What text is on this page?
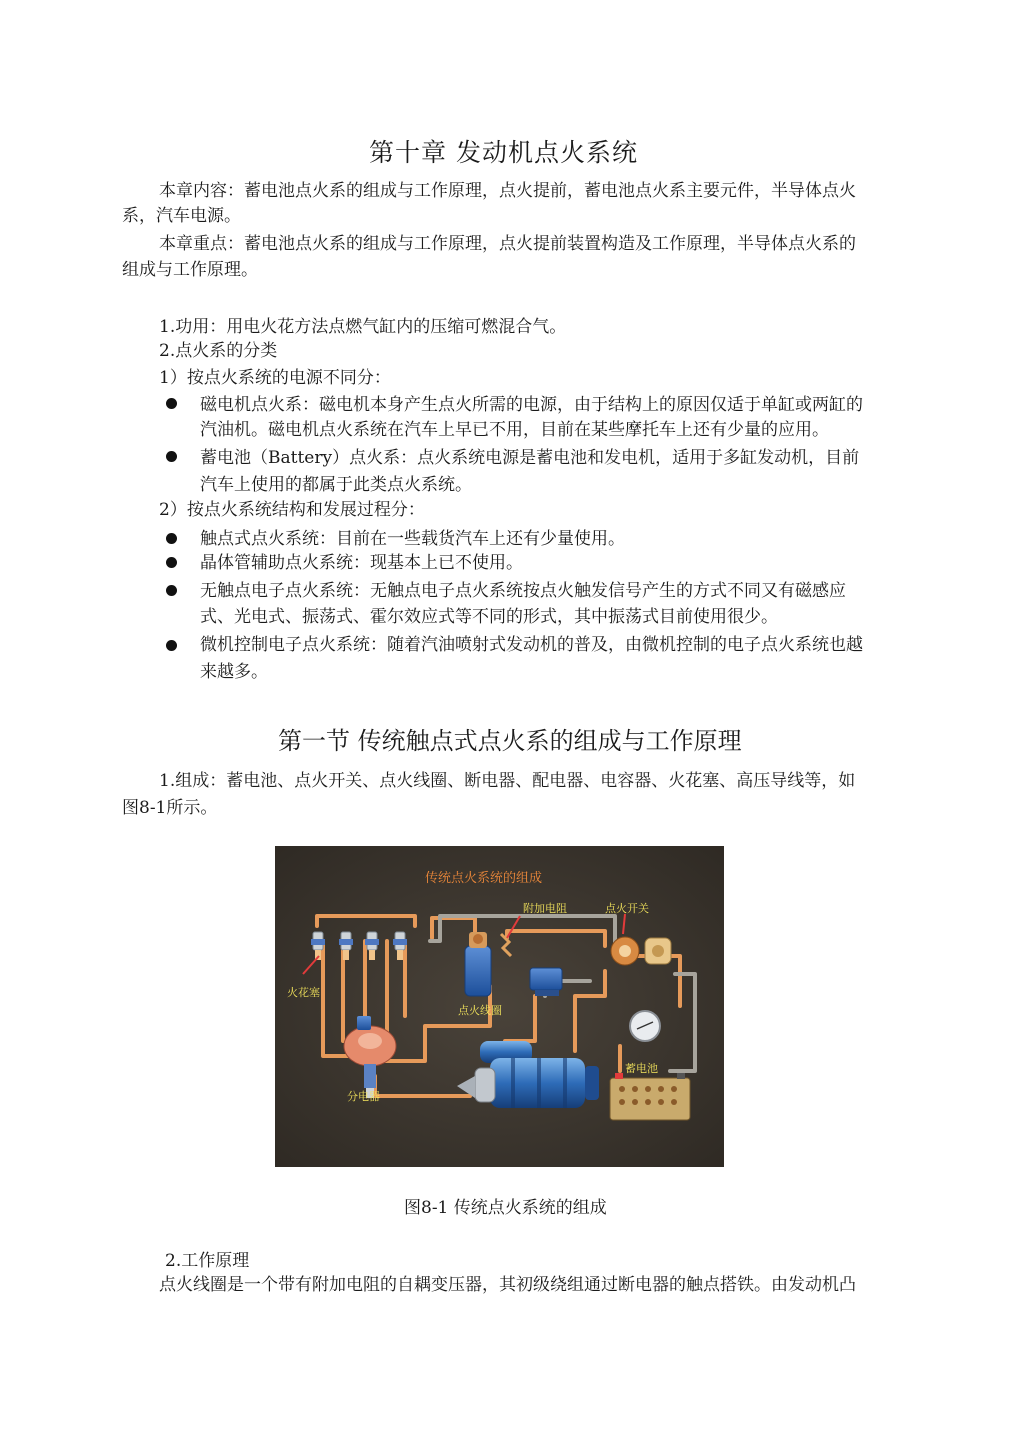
第十章 发动机点火系统
本章内容：蓄电池点火系的组成与工作原理，点火提前，蓄电池点火系主要元件，半导体点火
系，汽车电源。
本章重点：蓄电池点火系的组成与工作原理，点火提前装置构造及工作原理，半导体点火系的
组成与工作原理。
1.功用：用电火花方法点燃气缸内的压缩可燃混合气。
2.点火系的分类
1）按点火系统的电源不同分：
磁电机点火系：磁电机本身产生点火所需的电源，由于结构上的原因仅适于单缸或两缸的
汽油机。磁电机点火系统在汽车上早已不用，目前在某些摩托车上还有少量的应用。
蓄电池（Battery）点火系：点火系统电源是蓄电池和发电机，适用于多缸发动机，目前
汽车上使用的都属于此类点火系统。
2）按点火系统结构和发展过程分：
触点式点火系统：目前在一些载货汽车上还有少量使用。
晶体管辅助点火系统：现基本上已不使用。
无触点电子点火系统：无触点电子点火系统按点火触发信号产生的方式不同又有磁感应
式、光电式、振荡式、霍尔效应式等不同的形式，其中振荡式目前使用很少。
微机控制电子点火系统：随着汽油喷射式发动机的普及，由微机控制的电子点火系统也越
来越多。
第一节 传统触点式点火系的组成与工作原理
1.组成：蓄电池、点火开关、点火线圈、断电器、配电器、电容器、火花塞、高压导线等，如
图8-1所示。
传统点火系统的组成
火花塞
点火线圈
附加电阻	点火开关
分电器
蓄电池
图8-1 传统点火系统的组成
2.工作原理
点火线圈是一个带有附加电阻的自耦变压器，其初级绕组通过断电器的触点搭铁。由发动机凸
